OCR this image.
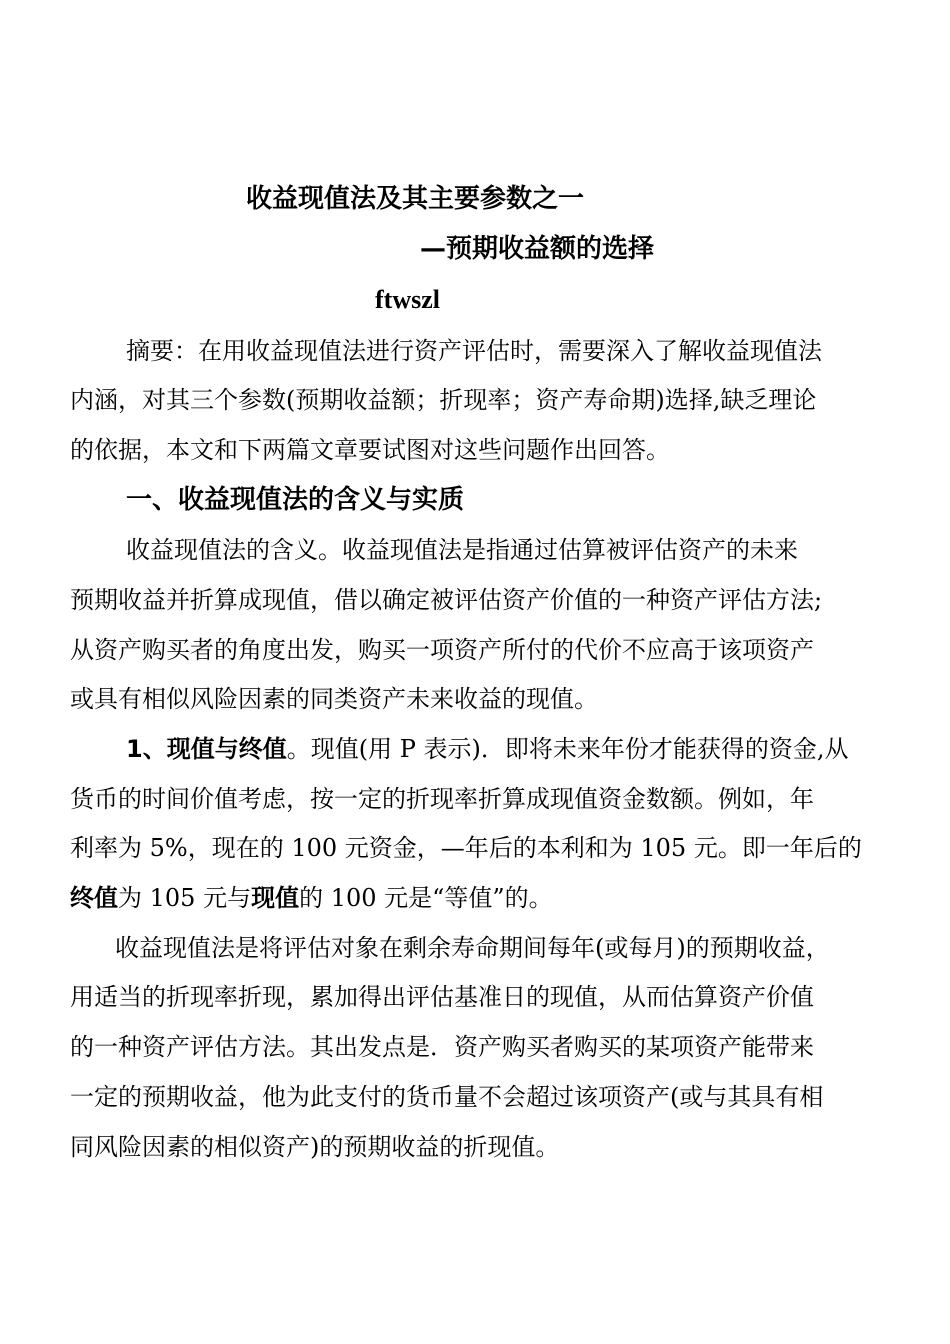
收益现值法及其主要参数之一
—预期收益额的选择
ftwszl
摘要：在用收益现值法进行资产评估时，需要深入了解收益现值法
内涵，对其三个参数(预期收益额；折现率；资产寿命期)选择,缺乏理论
的依据，本文和下两篇文章要试图对这些问题作出回答。
一、收益现值法的含义与实质
收益现值法的含义。收益现值法是指通过估算被评估资产的未来
预期收益并折算成现值，借以确定被评估资产价值的一种资产评估方法;
从资产购买者的角度出发，购买一项资产所付的代价不应高于该项资产
或具有相似风险因素的同类资产未来收益的现值。
1、现值与终值。现值(用 P 表示)．即将未来年份才能获得的资金,从
货币的时间价值考虑，按一定的折现率折算成现值资金数额。例如，年
利率为 5%，现在的 100 元资金，—年后的本利和为 105 元。即一年后的
终值为 105 元与现值的 100 元是“等值”的。
收益现值法是将评估对象在剩余寿命期间每年(或每月)的预期收益，
用适当的折现率折现，累加得出评估基准日的现值，从而估算资产价值
的一种资产评估方法。其出发点是．资产购买者购买的某项资产能带来
一定的预期收益，他为此支付的货币量不会超过该项资产(或与其具有相
同风险因素的相似资产)的预期收益的折现值。
